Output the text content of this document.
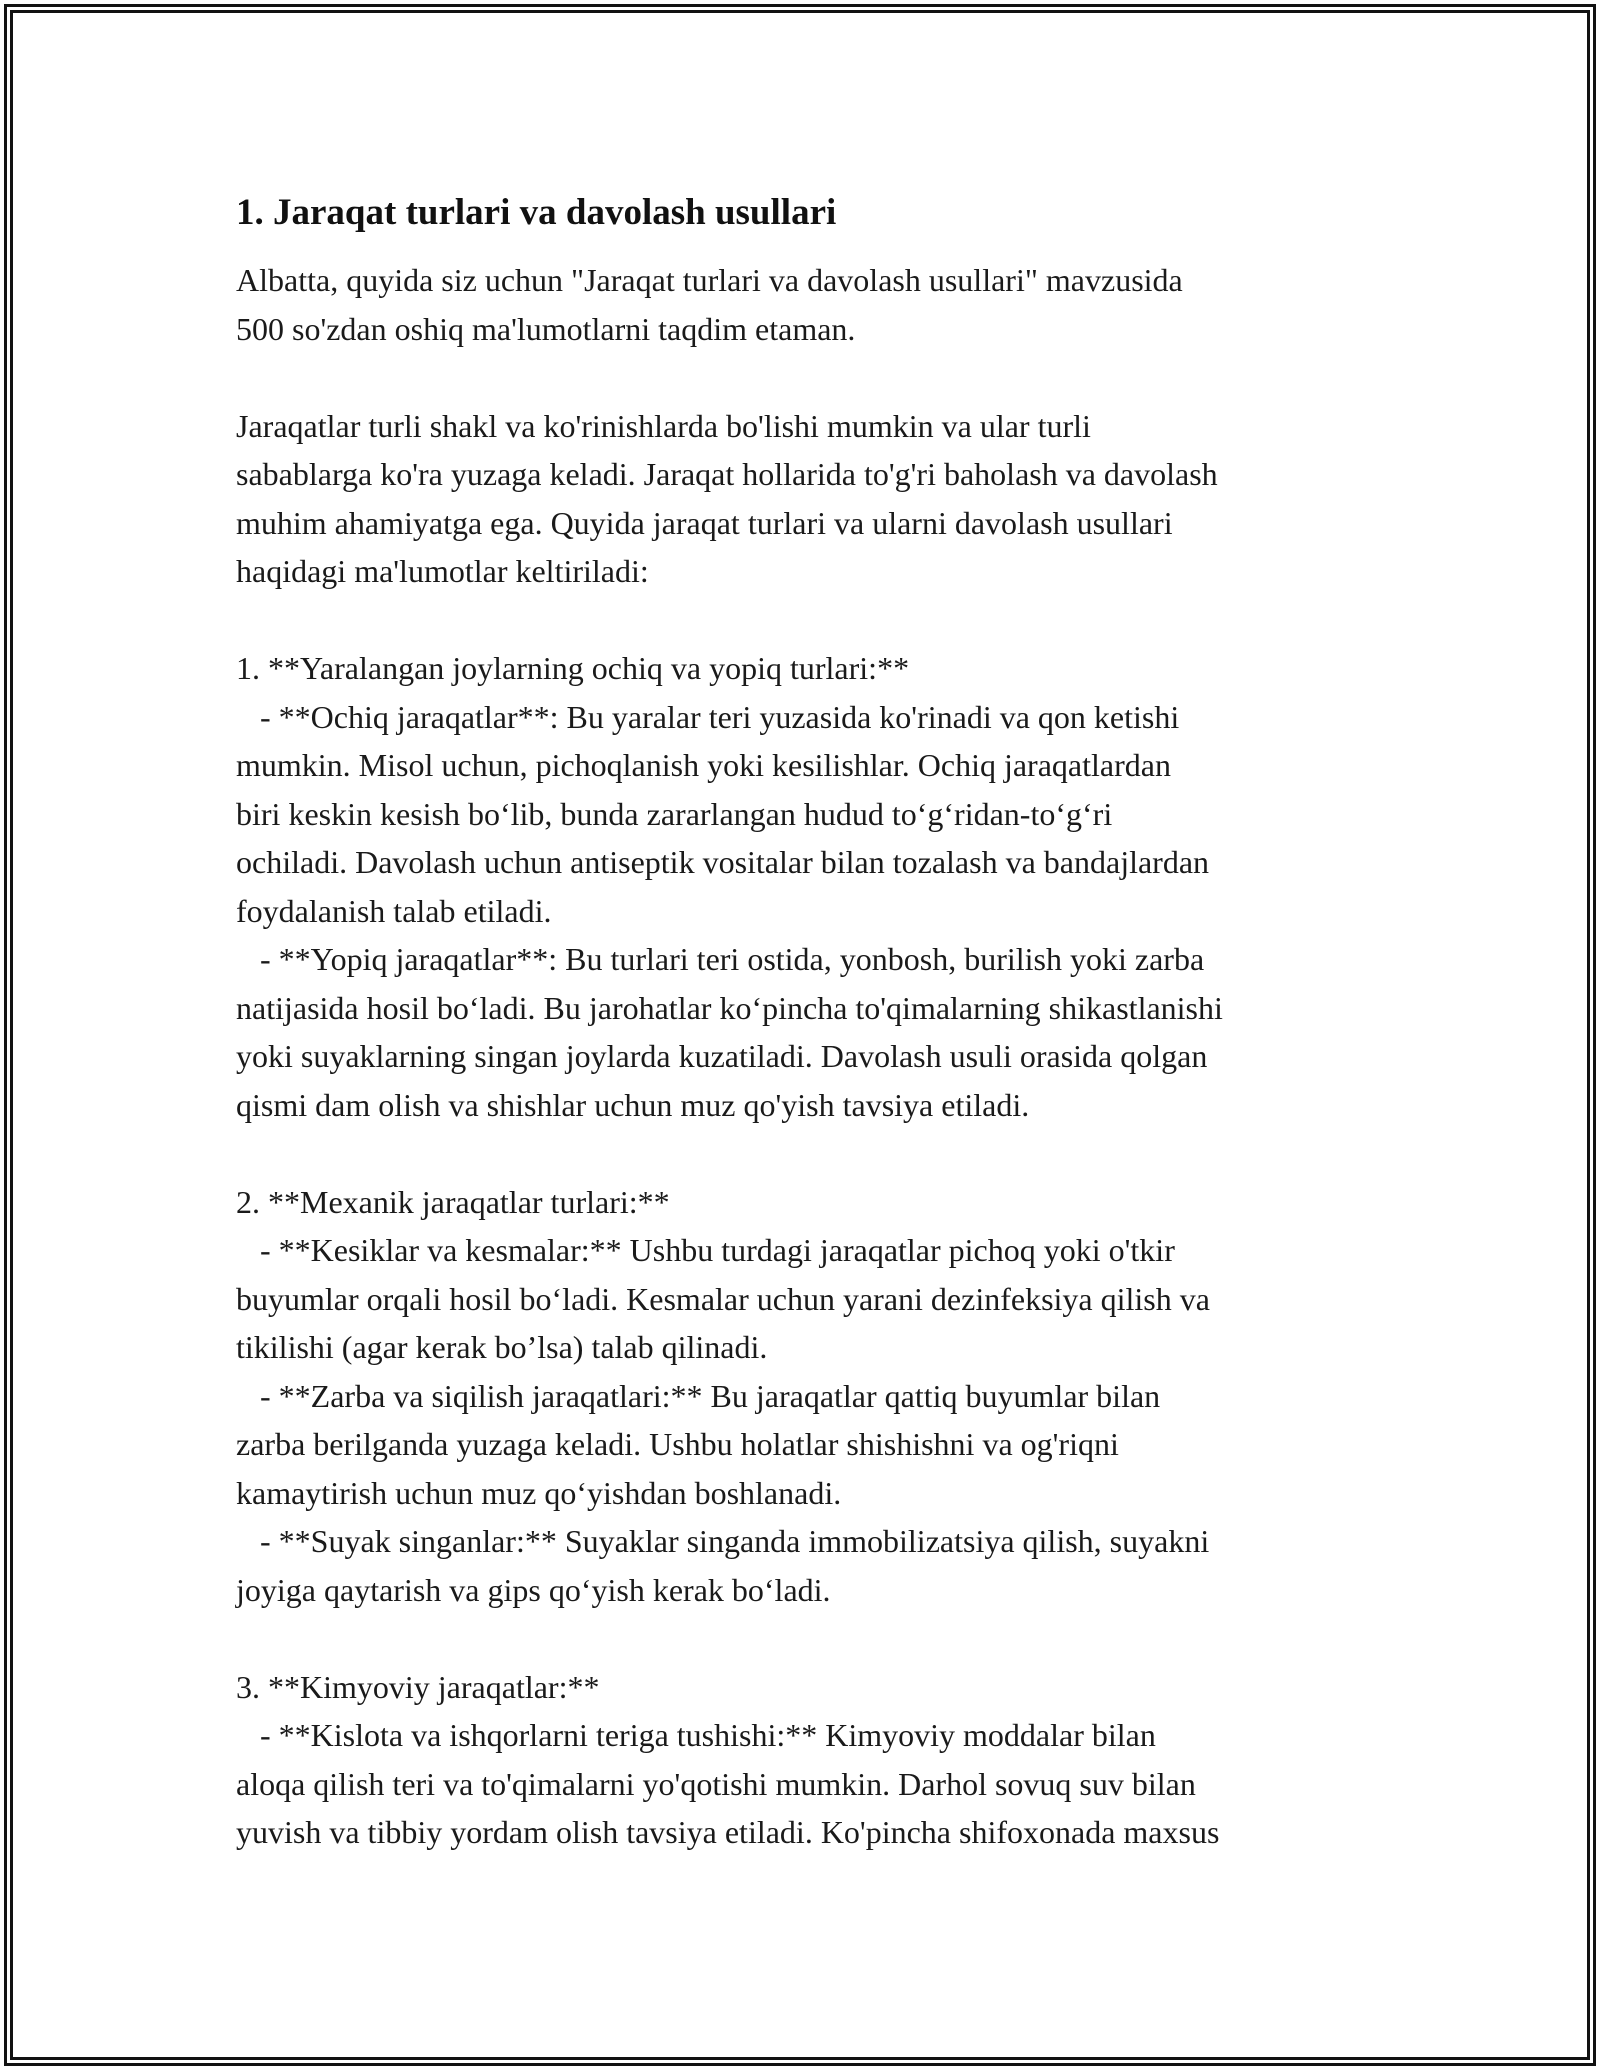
1. Jaraqat turlari va davolash usullari

Albatta, quyida siz uchun "Jaraqat turlari va davolash usullari" mavzusida
500 so'zdan oshiq ma'lumotlarni taqdim etaman.

Jaraqatlar turli shakl va ko'rinishlarda bo'lishi mumkin va ular turli
sabablarga ko'ra yuzaga keladi. Jaraqat hollarida to'g'ri baholash va davolash
muhim ahamiyatga ega. Quyida jaraqat turlari va ularni davolash usullari
haqidagi ma'lumotlar keltiriladi:

1. **Yaralangan joylarning ochiq va yopiq turlari:**
- **Ochiq jaraqatlar**: Bu yaralar teri yuzasida ko'rinadi va qon ketishi
mumkin. Misol uchun, pichoqlanish yoki kesilishlar. Ochiq jaraqatlardan
biri keskin kesish bo‘lib, bunda zararlangan hudud to‘g‘ridan-to‘g‘ri
ochiladi. Davolash uchun antiseptik vositalar bilan tozalash va bandajlardan
foydalanish talab etiladi.
- **Yopiq jaraqatlar**: Bu turlari teri ostida, yonbosh, burilish yoki zarba
natijasida hosil bo‘ladi. Bu jarohatlar ko‘pincha to'qimalarning shikastlanishi
yoki suyaklarning singan joylarda kuzatiladi. Davolash usuli orasida qolgan
qismi dam olish va shishlar uchun muz qo'yish tavsiya etiladi.

2. **Mexanik jaraqatlar turlari:**
- **Kesiklar va kesmalar:** Ushbu turdagi jaraqatlar pichoq yoki o'tkir
buyumlar orqali hosil bo‘ladi. Kesmalar uchun yarani dezinfeksiya qilish va
tikilishi (agar kerak bo’lsa) talab qilinadi.
- **Zarba va siqilish jaraqatlari:** Bu jaraqatlar qattiq buyumlar bilan
zarba berilganda yuzaga keladi. Ushbu holatlar shishishni va og'riqni
kamaytirish uchun muz qo‘yishdan boshlanadi.
- **Suyak singanlar:** Suyaklar singanda immobilizatsiya qilish, suyakni
joyiga qaytarish va gips qo‘yish kerak bo‘ladi.

3. **Kimyoviy jaraqatlar:**
- **Kislota va ishqorlarni teriga tushishi:** Kimyoviy moddalar bilan
aloqa qilish teri va to'qimalarni yo'qotishi mumkin. Darhol sovuq suv bilan
yuvish va tibbiy yordam olish tavsiya etiladi. Ko'pincha shifoxonada maxsus
